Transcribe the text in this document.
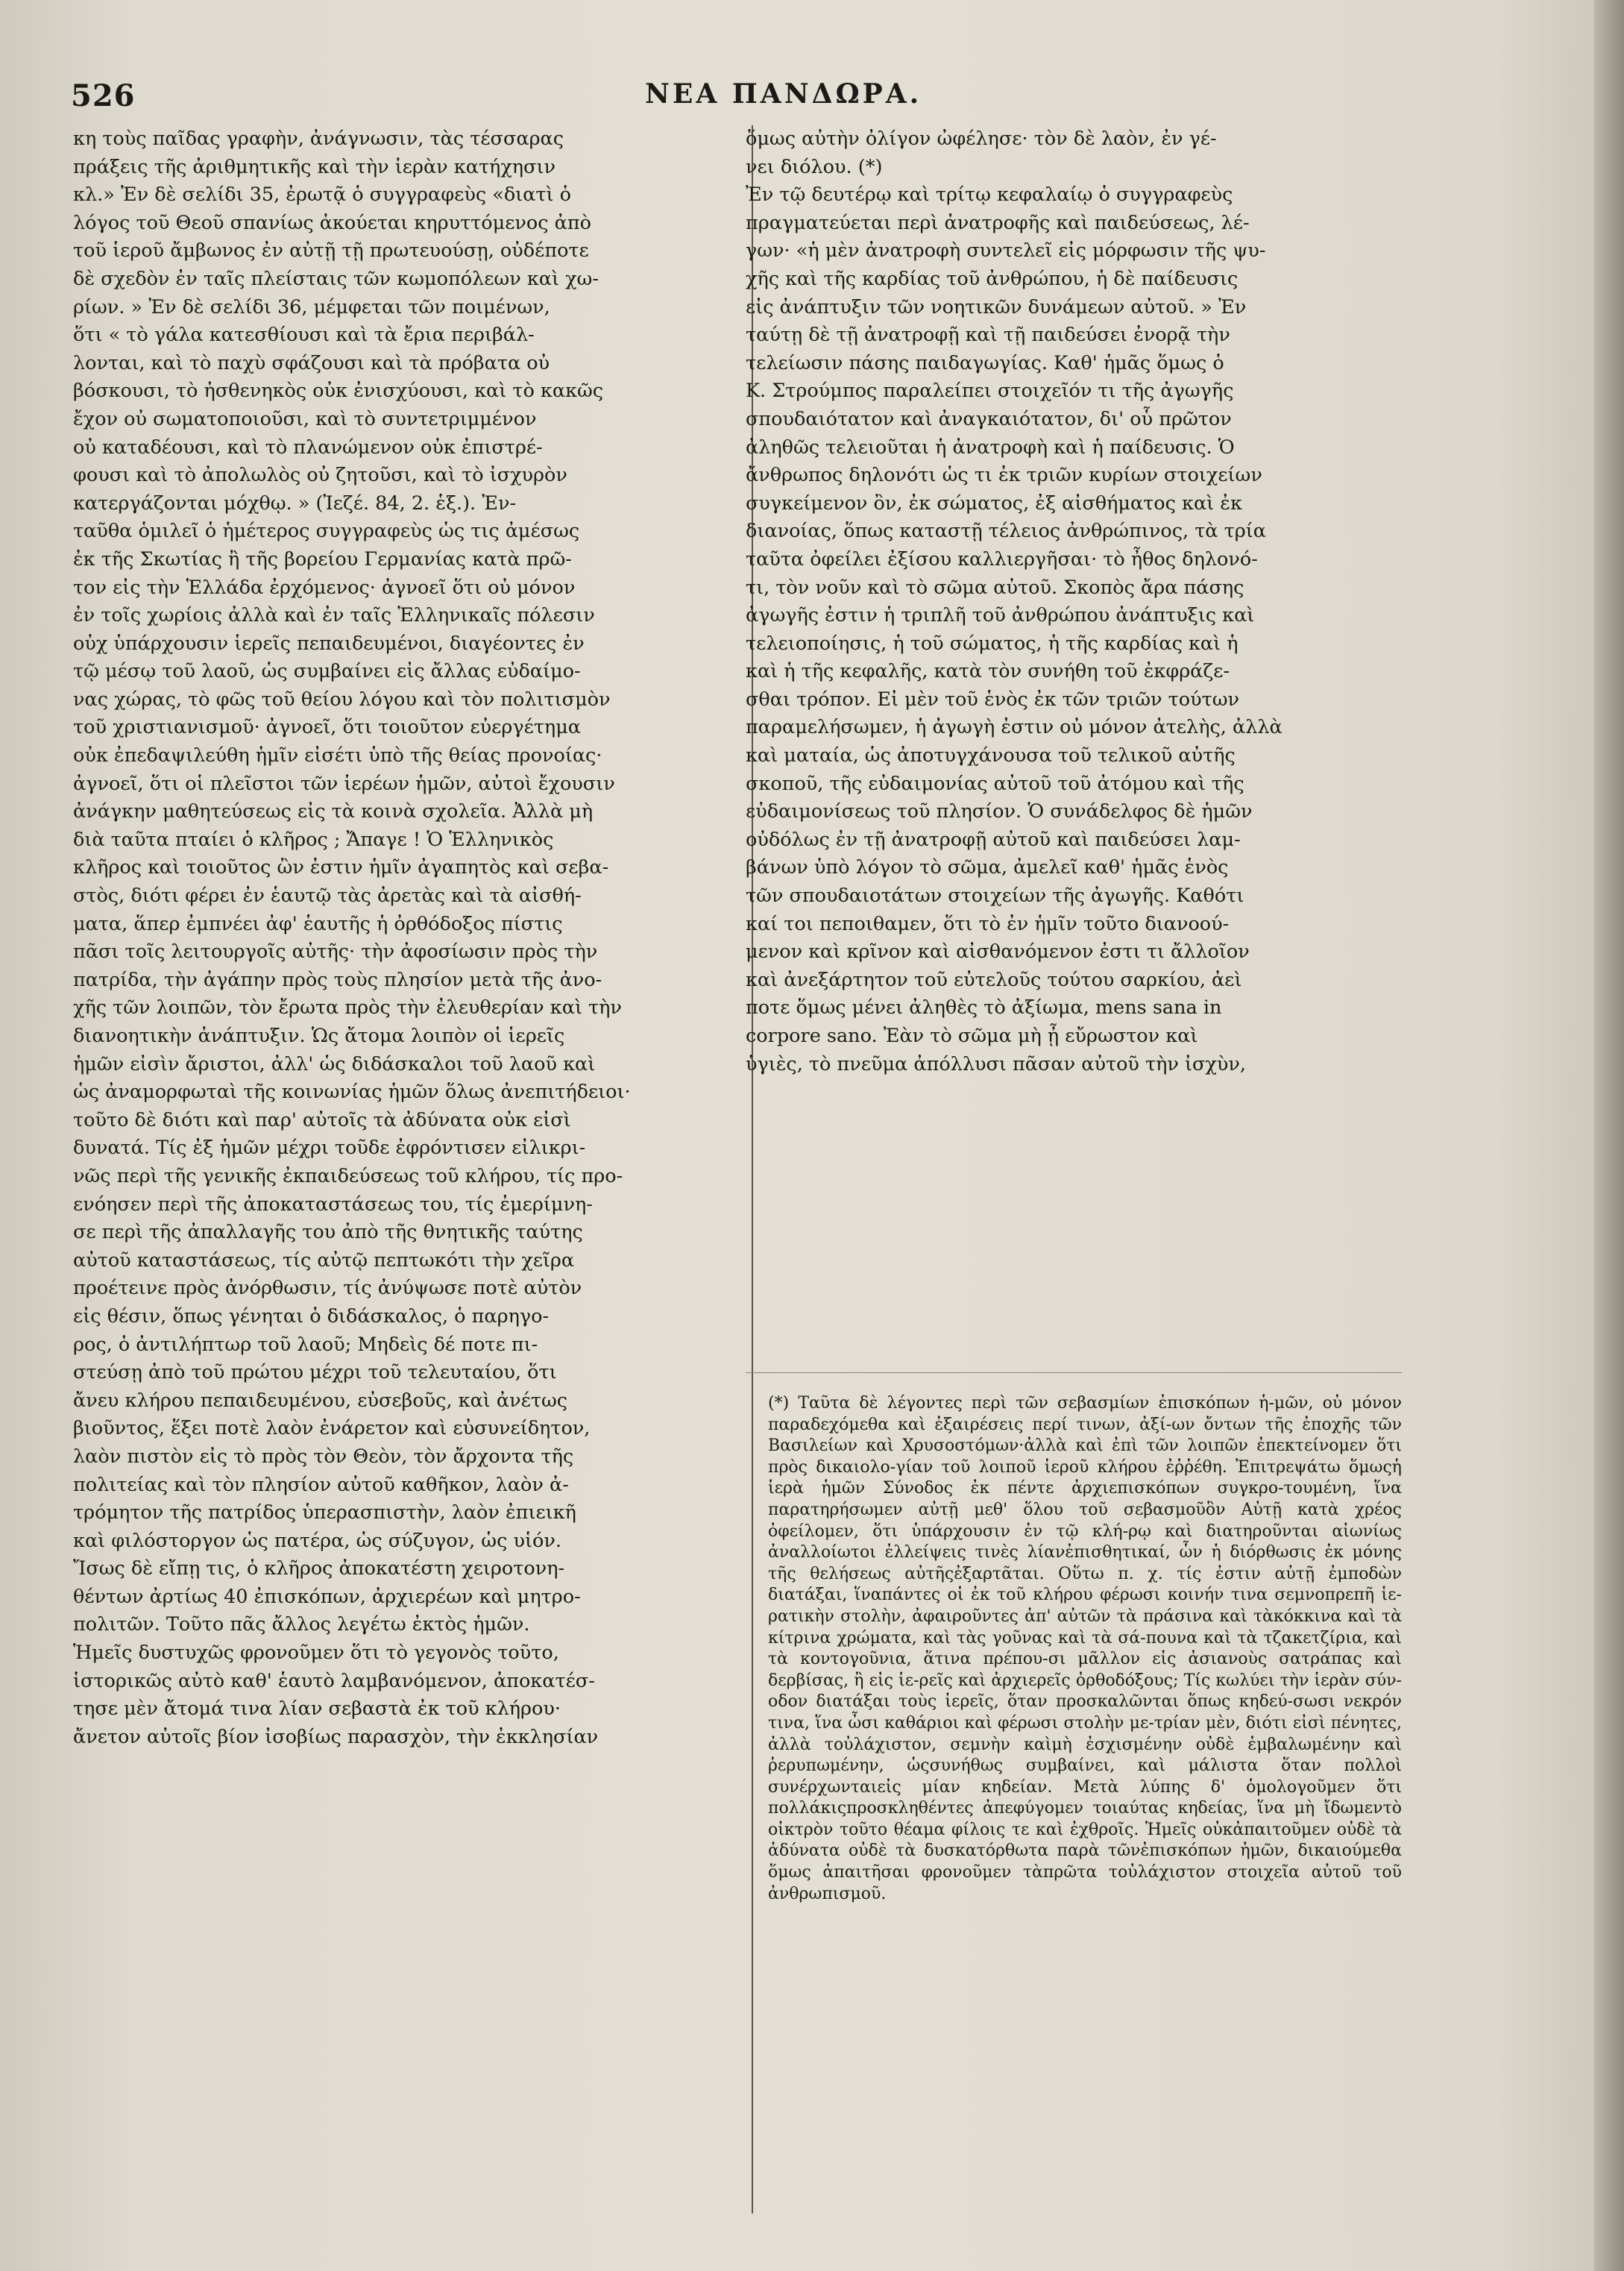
526	ΝΕΑ ΠΑΝΔΩΡΑ.
κη τοὺς παῖδας γραφὴν, ἀνάγνωσιν, τὰς τέσσαρας
πράξεις τῆς ἀριθμητικῆς καὶ τὴν ἱερὰν κατήχησιν
κλ.» Ἐν δὲ σελίδι 35, ἐρωτᾷ ὁ συγγραφεὺς «διατὶ ὁ
λόγος τοῦ Θεοῦ σπανίως ἀκούεται κηρυττόμενος ἀπὸ
τοῦ ἱεροῦ ἄμβωνος ἐν αὐτῇ τῇ πρωτευούσῃ, οὐδέποτε
δὲ σχεδὸν ἐν ταῖς πλείσταις τῶν κωμοπόλεων καὶ χω-
ρίων. » Ἐν δὲ σελίδι 36, μέμφεται τῶν ποιμένων,
ὅτι « τὸ γάλα κατεσθίουσι καὶ τὰ ἔρια περιβάλ-
λονται, καὶ τὸ παχὺ σφάζουσι καὶ τὰ πρόβατα οὐ
βόσκουσι, τὸ ἠσθενηκὸς οὐκ ἐνισχύουσι, καὶ τὸ κακῶς
ἔχον οὐ σωματοποιοῦσι, καὶ τὸ συντετριμμένον
οὐ καταδέουσι, καὶ τὸ πλανώμενον οὐκ ἐπιστρέ-
φουσι καὶ τὸ ἀπολωλὸς οὐ ζητοῦσι, καὶ τὸ ἰσχυρὸν
κατεργάζονται μόχθῳ. » (Ἰεζέ. 84, 2. ἑξ.). Ἐν-
ταῦθα ὁμιλεῖ ὁ ἡμέτερος συγγραφεὺς ὡς τις ἀμέσως
ἐκ τῆς Σκωτίας ἢ τῆς βορείου Γερμανίας κατὰ πρῶ-
τον εἰς τὴν Ἑλλάδα ἐρχόμενος· ἀγνοεῖ ὅτι οὐ μόνον
ἐν τοῖς χωρίοις ἀλλὰ καὶ ἐν ταῖς Ἑλληνικαῖς πόλεσιν
οὐχ ὑπάρχουσιν ἱερεῖς πεπαιδευμένοι, διαγέοντες ἐν
τῷ μέσῳ τοῦ λαοῦ, ὡς συμβαίνει εἰς ἄλλας εὐδαίμο-
νας χώρας, τὸ φῶς τοῦ θείου λόγου καὶ τὸν πολιτισμὸν
τοῦ χριστιανισμοῦ· ἀγνοεῖ, ὅτι τοιοῦτον εὐεργέτημα
οὐκ ἐπεδαψιλεύθη ἡμῖν εἰσέτι ὑπὸ τῆς θείας προνοίας·
ἀγνοεῖ, ὅτι οἱ πλεῖστοι τῶν ἱερέων ἡμῶν, αὐτοὶ ἔχουσιν
ἀνάγκην μαθητεύσεως εἰς τὰ κοινὰ σχολεῖα. Ἀλλὰ μὴ
διὰ ταῦτα πταίει ὁ κλῆρος ; Ἄπαγε ! Ὁ Ἑλληνικὸς
κλῆρος καὶ τοιοῦτος ὢν ἐστιν ἡμῖν ἀγαπητὸς καὶ σεβα-
στὸς, διότι φέρει ἐν ἑαυτῷ τὰς ἀρετὰς καὶ τὰ αἰσθή-
ματα, ἅπερ ἐμπνέει ἀφ' ἑαυτῆς ἡ ὀρθόδοξος πίστις
πᾶσι τοῖς λειτουργοῖς αὐτῆς· τὴν ἀφοσίωσιν πρὸς τὴν
πατρίδα, τὴν ἀγάπην πρὸς τοὺς πλησίον μετὰ τῆς ἀνο-
χῆς τῶν λοιπῶν, τὸν ἔρωτα πρὸς τὴν ἐλευθερίαν καὶ τὴν
διανοητικὴν ἀνάπτυξιν. Ὡς ἄτομα λοιπὸν οἱ ἱερεῖς
ἡμῶν εἰσὶν ἄριστοι, ἀλλ' ὡς διδάσκαλοι τοῦ λαοῦ καὶ
ὡς ἀναμορφωταὶ τῆς κοινωνίας ἡμῶν ὅλως ἀνεπιτήδειοι·
τοῦτο δὲ διότι καὶ παρ' αὐτοῖς τὰ ἀδύνατα οὐκ εἰσὶ
δυνατά. Τίς ἐξ ἡμῶν μέχρι τοῦδε ἐφρόντισεν εἰλικρι-
νῶς περὶ τῆς γενικῆς ἐκπαιδεύσεως τοῦ κλήρου, τίς προ-
ενόησεν περὶ τῆς ἀποκαταστάσεως του, τίς ἐμερίμνη-
σε περὶ τῆς ἀπαλλαγῆς του ἀπὸ τῆς θνητικῆς ταύτης
αὐτοῦ καταστάσεως, τίς αὐτῷ πεπτωκότι τὴν χεῖρα
προέτεινε πρὸς ἀνόρθωσιν, τίς ἀνύψωσε ποτὲ αὐτὸν
εἰς θέσιν, ὅπως γένηται ὁ διδάσκαλος, ὁ παρηγο-
ρος, ὁ ἀντιλήπτωρ τοῦ λαοῦ; Μηδεὶς δέ ποτε πι-
στεύσῃ ἀπὸ τοῦ πρώτου μέχρι τοῦ τελευταίου, ὅτι
ἄνευ κλήρου πεπαιδευμένου, εὐσεβοῦς, καὶ ἀνέτως
βιοῦντος, ἕξει ποτὲ λαὸν ἐνάρετον καὶ εὐσυνείδητον,
λαὸν πιστὸν εἰς τὸ πρὸς τὸν Θεὸν, τὸν ἄρχοντα τῆς
πολιτείας καὶ τὸν πλησίον αὐτοῦ καθῆκον, λαὸν ἀ-
τρόμητον τῆς πατρίδος ὑπερασπιστὴν, λαὸν ἐπιεικῆ
καὶ φιλόστοργον ὡς πατέρα, ὡς σύζυγον, ὡς υἱόν.
Ἴσως δὲ εἴπῃ τις, ὁ κλῆρος ἀποκατέστη χειροτονη-
θέντων ἀρτίως 40 ἐπισκόπων, ἀρχιερέων καὶ μητρο-
πολιτῶν. Τοῦτο πᾶς ἄλλος λεγέτω ἐκτὸς ἡμῶν.
Ἡμεῖς δυστυχῶς φρονοῦμεν ὅτι τὸ γεγονὸς τοῦτο,
ἱστορικῶς αὐτὸ καθ' ἑαυτὸ λαμβανόμενον, ἀποκατέσ-
τησε μὲν ἄτομά τινα λίαν σεβαστὰ ἐκ τοῦ κλήρου·
ἄνετον αὐτοῖς βίον ἰσοβίως παρασχὸν, τὴν ἐκκλησίαν
ὅμως αὐτὴν ὀλίγον ὠφέλησε· τὸν δὲ λαὸν, ἐν γέ-
νει διόλου. (*)
Ἐν τῷ δευτέρῳ καὶ τρίτῳ κεφαλαίῳ ὁ συγγραφεὺς
πραγματεύεται περὶ ἀνατροφῆς καὶ παιδεύσεως, λέ-
γων· «ἡ μὲν ἀνατροφὴ συντελεῖ εἰς μόρφωσιν τῆς ψυ-
χῆς καὶ τῆς καρδίας τοῦ ἀνθρώπου, ἡ δὲ παίδευσις
εἰς ἀνάπτυξιν τῶν νοητικῶν δυνάμεων αὐτοῦ. » Ἐν
ταύτῃ δὲ τῇ ἀνατροφῇ καὶ τῇ παιδεύσει ἐνορᾷ τὴν
τελείωσιν πάσης παιδαγωγίας. Καθ' ἡμᾶς ὅμως ὁ
Κ. Στρούμπος παραλείπει στοιχεῖόν τι τῆς ἀγωγῆς
σπουδαιότατον καὶ ἀναγκαιότατον, δι' οὗ πρῶτον
ἀληθῶς τελειοῦται ἡ ἀνατροφὴ καὶ ἡ παίδευσις. Ὁ
ἄνθρωπος δηλονότι ὡς τι ἐκ τριῶν κυρίων στοιχείων
συγκείμενον ὂν, ἐκ σώματος, ἐξ αἰσθήματος καὶ ἐκ
διανοίας, ὅπως καταστῇ τέλειος ἀνθρώπινος, τὰ τρία
ταῦτα ὀφείλει ἐξίσου καλλιεργῆσαι· τὸ ἦθος δηλονό-
τι, τὸν νοῦν καὶ τὸ σῶμα αὐτοῦ. Σκοπὸς ἄρα πάσης
ἀγωγῆς ἐστιν ἡ τριπλῆ τοῦ ἀνθρώπου ἀνάπτυξις καὶ
τελειοποίησις, ἡ τοῦ σώματος, ἡ τῆς καρδίας καὶ ἡ
καὶ ἡ τῆς κεφαλῆς, κατὰ τὸν συνήθη τοῦ ἐκφράζε-
σθαι τρόπον. Εἰ μὲν τοῦ ἑνὸς ἐκ τῶν τριῶν τούτων
παραμελήσωμεν, ἡ ἀγωγὴ ἐστιν οὐ μόνον ἀτελὴς, ἀλλὰ
καὶ ματαία, ὡς ἀποτυγχάνουσα τοῦ τελικοῦ αὐτῆς
σκοποῦ, τῆς εὐδαιμονίας αὐτοῦ τοῦ ἀτόμου καὶ τῆς
εὐδαιμονίσεως τοῦ πλησίον. Ὁ συνάδελφος δὲ ἡμῶν
οὐδόλως ἐν τῇ ἀνατροφῇ αὐτοῦ καὶ παιδεύσει λαμ-
βάνων ὑπὸ λόγον τὸ σῶμα, ἀμελεῖ καθ' ἡμᾶς ἑνὸς
τῶν σπουδαιοτάτων στοιχείων τῆς ἀγωγῆς. Καθότι
καί τοι πεποιθαμεν, ὅτι τὸ ἐν ἡμῖν τοῦτο διανοού-
μενον καὶ κρῖνον καὶ αἰσθανόμενον ἐστι τι ἄλλοῖον
καὶ ἀνεξάρτητον τοῦ εὐτελοῦς τούτου σαρκίου, ἀεὶ
ποτε ὅμως μένει ἀληθὲς τὸ ἀξίωμα, mens sana in
corpore sano. Ἐὰν τὸ σῶμα μὴ ᾖ εὔρωστον καὶ
ὑγιὲς, τὸ πνεῦμα ἀπόλλυσι πᾶσαν αὐτοῦ τὴν ἰσχὺν,
(*) Ταῦτα δὲ λέγοντες περὶ τῶν σεβασμίων ἐπισκόπων ἡ-μῶν, οὐ μόνον παραδεχόμεθα καὶ ἐξαιρέσεις περί τινων, ἀξί-ων ὄντων τῆς ἐποχῆς τῶν Βασιλείων καὶ Χρυσοστόμων·ἀλλὰ καὶ ἐπὶ τῶν λοιπῶν ἐπεκτείνομεν ὅτι πρὸς δικαιολο-γίαν τοῦ λοιποῦ ἱεροῦ κλήρου ἐῤῥέθη. Ἐπιτρεψάτω ὅμωςἡ ἱερὰ ἡμῶν Σύνοδος ἐκ πέντε ἀρχιεπισκόπων συγκρο-τουμένη, ἵνα παρατηρήσωμεν αὐτῇ μεθ' ὅλου τοῦ σεβασμοῦὃν Αὐτῇ κατὰ χρέος ὀφείλομεν, ὅτι ὑπάρχουσιν ἐν τῷ κλή-ρῳ καὶ διατηροῦνται αἰωνίως ἀναλλοίωτοι ἐλλείψεις τινὲς λίανἐπισθητικαί, ὧν ἡ διόρθωσις ἐκ μόνης τῆς θελήσεως αὐτῆςἐξαρτᾶται. Οὕτω π. χ. τίς ἐστιν αὐτῇ ἐμποδὼν διατάξαι, ἵναπάντες οἱ ἐκ τοῦ κλήρου φέρωσι κοινήν τινα σεμνοπρεπῆ ἱε-ρατικὴν στολὴν, ἀφαιροῦντες ἀπ' αὐτῶν τὰ πράσινα καὶ τὰκόκκινα καὶ τὰ κίτρινα χρώματα, καὶ τὰς γοῦνας καὶ τὰ σά-πουνα καὶ τὰ τζακετζίρια, καὶ τὰ κοντογοῦνια, ἅτινα πρέπου-σι μᾶλλον εἰς ἀσιανοὺς σατράπας καὶ δερβίσας, ἢ εἰς ἱε-ρεῖς καὶ ἀρχιερεῖς ὀρθοδόξους; Τίς κωλύει τὴν ἱερὰν σύν-οδον διατάξαι τοὺς ἱερεῖς, ὅταν προσκαλῶνται ὅπως κηδεύ-σωσι νεκρόν τινα, ἵνα ὦσι καθάριοι καὶ φέρωσι στολὴν με-τρίαν μὲν, διότι εἰσὶ πένητες, ἀλλὰ τοὐλάχιστον, σεμνὴν καὶμὴ ἐσχισμένην οὐδὲ ἐμβαλωμένην καὶ ῥερυπωμένην, ὡςσυνήθως συμβαίνει, καὶ μάλιστα ὅταν πολλοὶ συνέρχωνταιεἰς μίαν κηδείαν. Μετὰ λύπης δ' ὁμολογοῦμεν ὅτι πολλάκιςπροσκληθέντες ἀπεφύγομεν τοιαύτας κηδείας, ἵνα μὴ ἴδωμεντὸ οἰκτρὸν τοῦτο θέαμα φίλοις τε καὶ ἐχθροῖς. Ἡμεῖς οὐκἀπαιτοῦμεν οὐδὲ τὰ ἀδύνατα οὐδὲ τὰ δυσκατόρθωτα παρὰ τῶνἐπισκόπων ἡμῶν, δικαιούμεθα ὅμως ἀπαιτῆσαι φρονοῦμεν τὰπρῶτα τοὐλάχιστον στοιχεῖα αὐτοῦ τοῦ ἀνθρωπισμοῦ.
